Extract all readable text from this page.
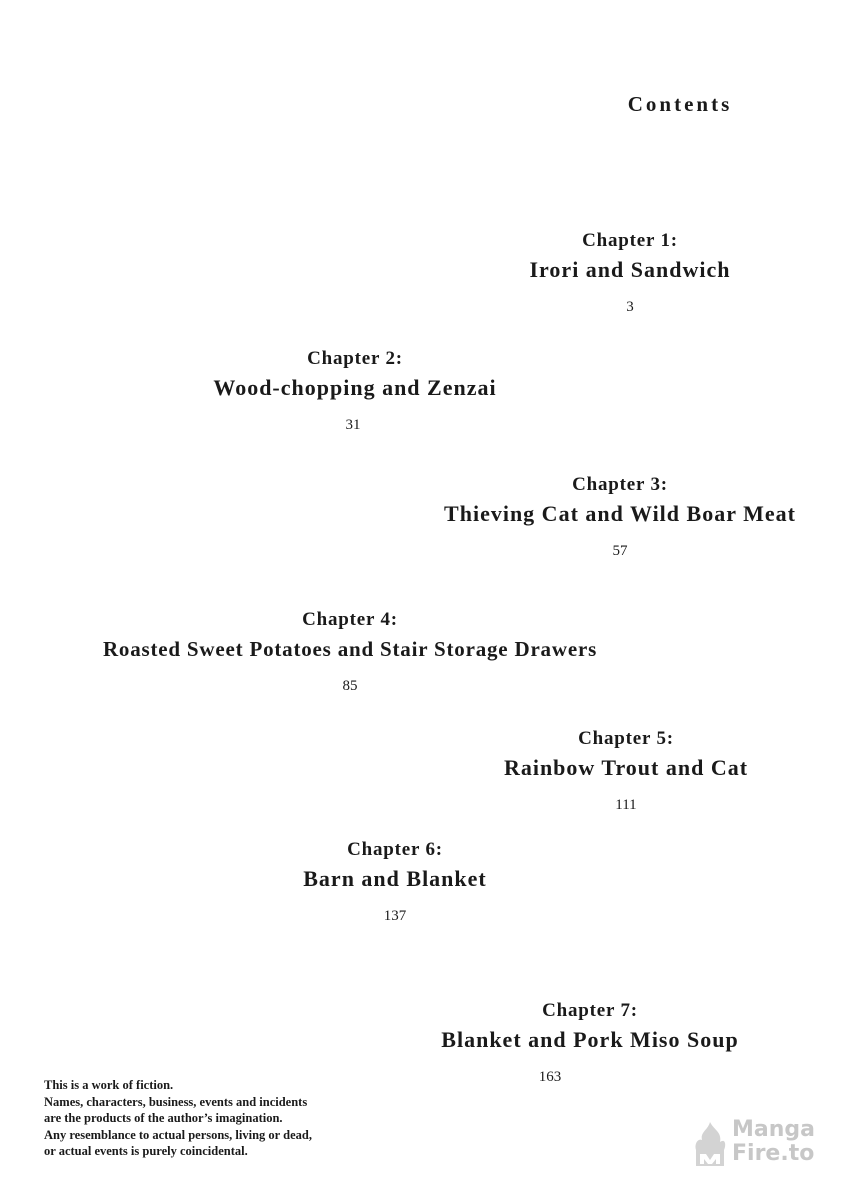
Contents
Chapter 1:
Irori and Sandwich
3
Chapter 2:
Wood-chopping and Zenzai
31
Chapter 3:
Thieving Cat and Wild Boar Meat
57
Chapter 4:
Roasted Sweet Potatoes and Stair Storage Drawers
85
Chapter 5:
Rainbow Trout and Cat
111
Chapter 6:
Barn and Blanket
137
Chapter 7:
Blanket and Pork Miso Soup
163
This is a work of fiction.
Names, characters, business, events and incidents
are the products of the author’s imagination.
Any resemblance to actual persons, living or dead,
or actual events is purely coincidental.
Manga
Fire.to
